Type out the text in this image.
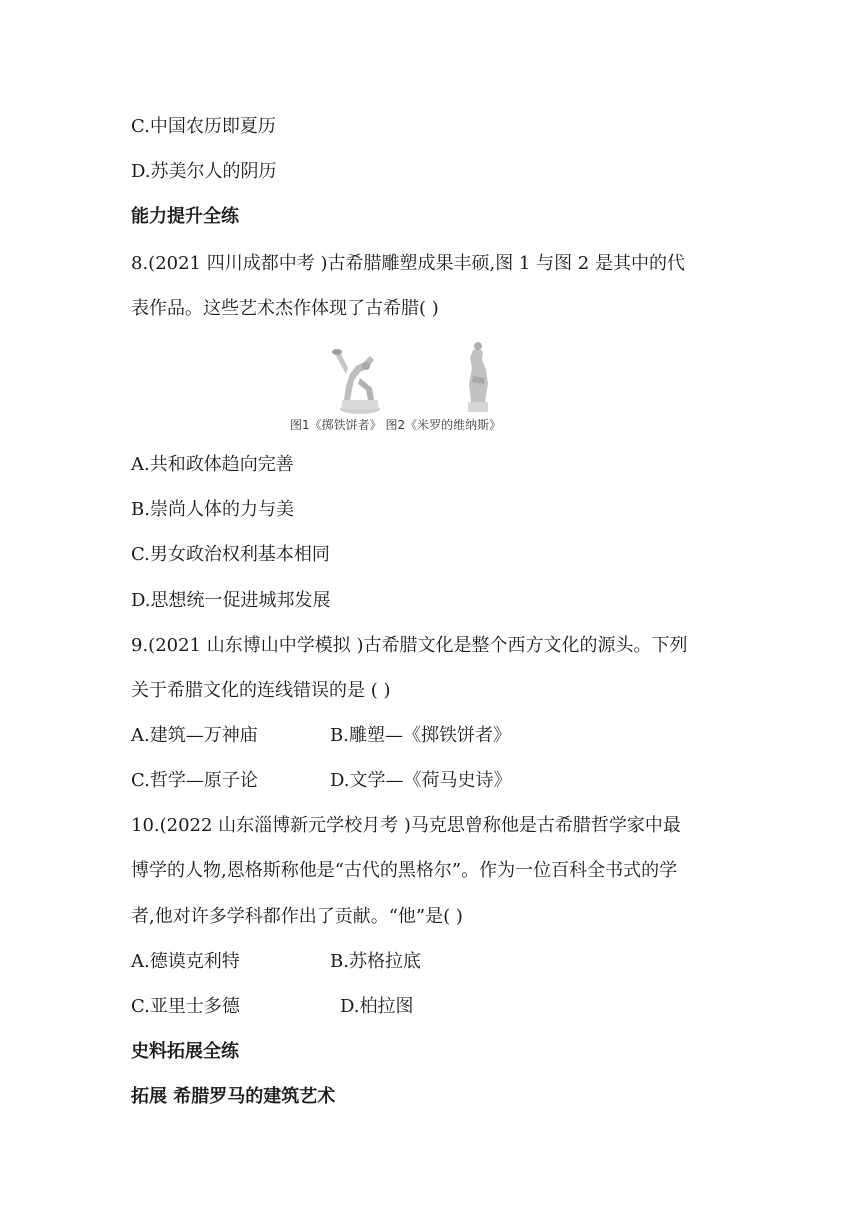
C.中国农历即夏历
D.苏美尔人的阴历
能力提升全练
8.(2021 四川成都中考 )古希腊雕塑成果丰硕,图 1 与图 2 是其中的代
表作品。这些艺术杰作体现了古希腊( )
图1《掷铁饼者》 图2《米罗的维纳斯》
A.共和政体趋向完善
B.崇尚人体的力与美
C.男女政治权利基本相同
D.思想统一促进城邦发展
9.(2021 山东博山中学模拟 )古希腊文化是整个西方文化的源头。下列
关于希腊文化的连线错误的是 ( )
A.建筑—万神庙	B.雕塑—《掷铁饼者》
C.哲学—原子论	D.文学—《荷马史诗》
10.(2022 山东淄博新元学校月考 )马克思曾称他是古希腊哲学家中最
博学的人物,恩格斯称他是“古代的黑格尔”。作为一位百科全书式的学
者,他对许多学科都作出了贡献。“他”是( )
A.德谟克利特	B.苏格拉底
C.亚里士多德	D.柏拉图
史料拓展全练
拓展 希腊罗马的建筑艺术
